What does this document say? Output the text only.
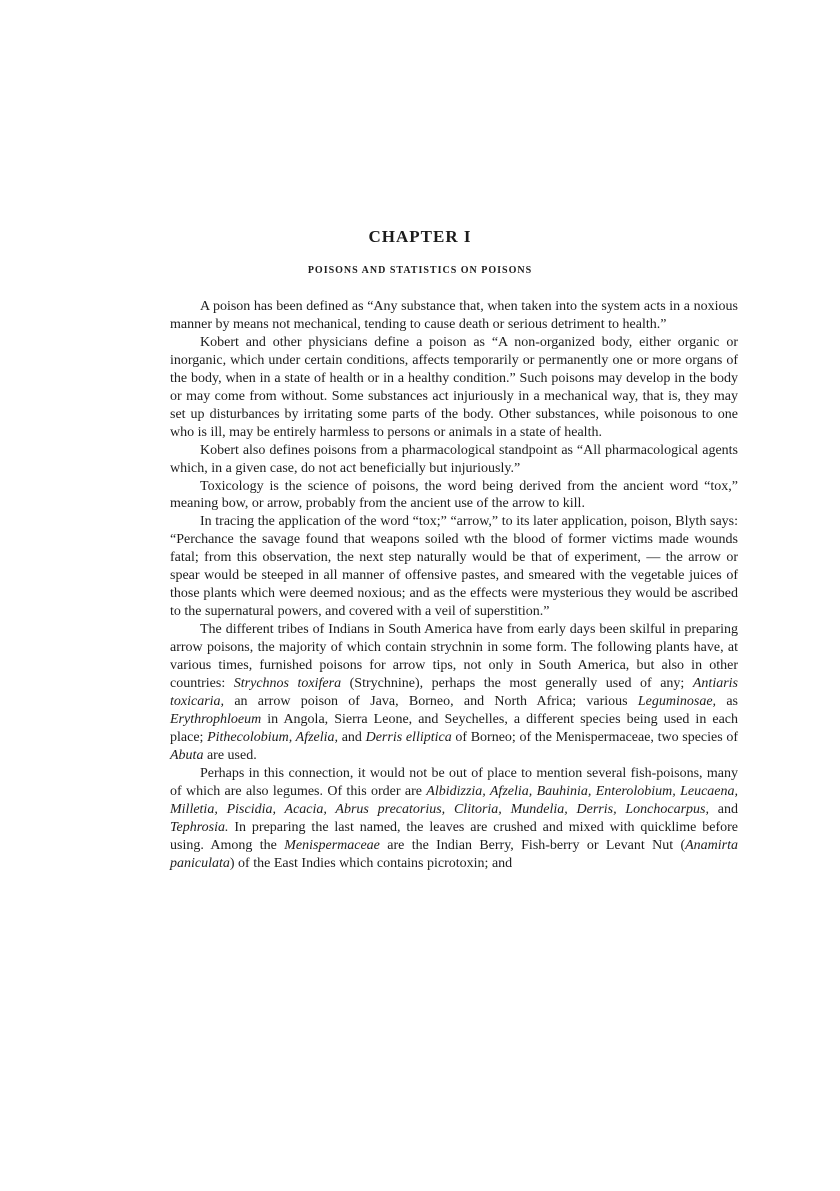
CHAPTER I
POISONS AND STATISTICS ON POISONS

A poison has been defined as “Any substance that, when taken into the system acts in a noxious manner by means not mechanical, tending to cause death or serious detriment to health.”

Kobert and other physicians define a poison as “A non-organized body, either organic or inorganic, which under certain conditions, affects temporarily or permanently one or more organs of the body, when in a state of health or in a healthy condition.” Such poisons may develop in the body or may come from without. Some substances act injuriously in a mechanical way, that is, they may set up disturbances by irritating some parts of the body. Other substances, while poisonous to one who is ill, may be entirely harmless to persons or animals in a state of health.

Kobert also defines poisons from a pharmacological standpoint as “All pharmacological agents which, in a given case, do not act beneficially but injuriously.”

Toxicology is the science of poisons, the word being derived from the ancient word “tox,” meaning bow, or arrow, probably from the ancient use of the arrow to kill.

In tracing the application of the word “tox;” “arrow,” to its later application, poison, Blyth says: “Perchance the savage found that weapons soiled wth the blood of former victims made wounds fatal; from this observation, the next step naturally would be that of experiment, — the arrow or spear would be steeped in all manner of offensive pastes, and smeared with the vegetable juices of those plants which were deemed noxious; and as the effects were mysterious they would be ascribed to the supernatural powers, and covered with a veil of superstition.”

The different tribes of Indians in South America have from early days been skilful in preparing arrow poisons, the majority of which contain strychnin in some form. The following plants have, at various times, furnished poisons for arrow tips, not only in South America, but also in other countries: Strychnos toxifera (Strychnine), perhaps the most generally used of any; Antiaris toxicaria, an arrow poison of Java, Borneo, and North Africa; various Leguminosae, as Erythrophloeum in Angola, Sierra Leone, and Seychelles, a different species being used in each place; Pithecolobium, Afzelia, and Derris elliptica of Borneo; of the Menispermaceae, two species of Abuta are used.

Perhaps in this connection, it would not be out of place to mention several fish-poisons, many of which are also legumes. Of this order are Albidizzia, Afzelia, Bauhinia, Enterolobium, Leucaena, Milletia, Piscidia, Acacia, Abrus precatorius, Clitoria, Mundelia, Derris, Lonchocarpus, and Tephrosia. In preparing the last named, the leaves are crushed and mixed with quicklime before using. Among the Menispermaceae are the Indian Berry, Fish-berry or Levant Nut (Anamirta paniculata) of the East Indies which contains picrotoxin; and
